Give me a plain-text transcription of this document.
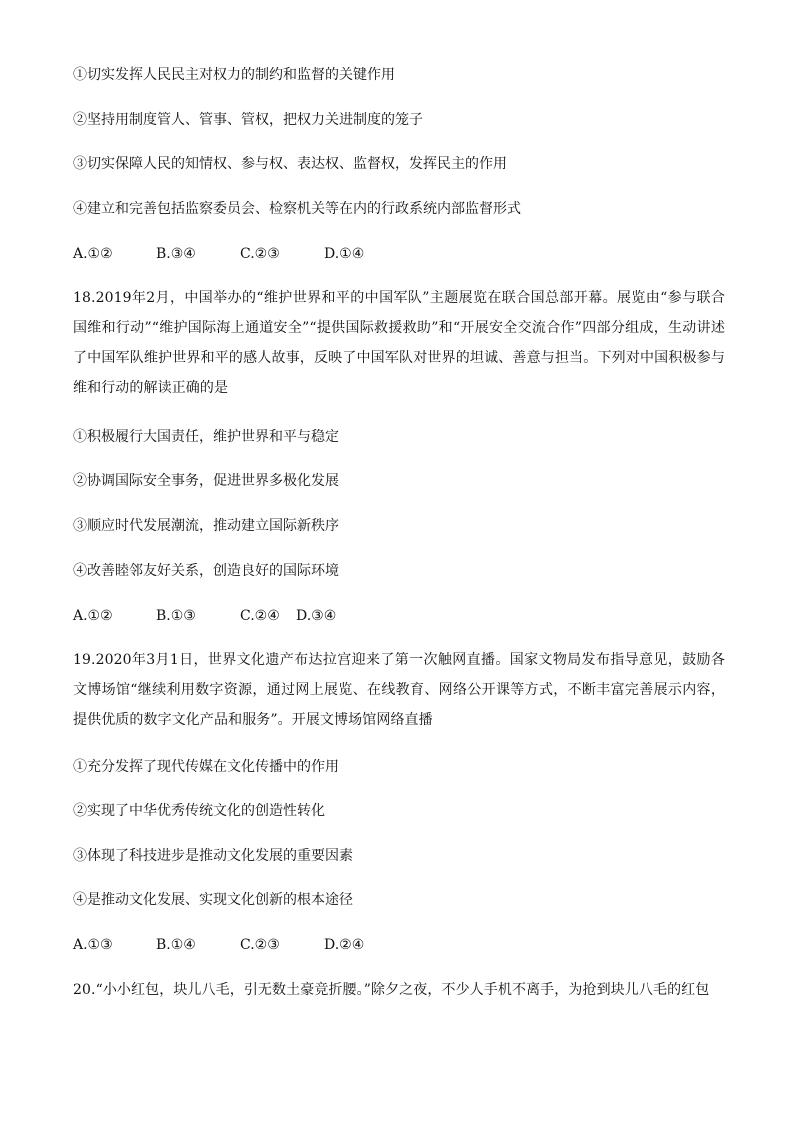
①切实发挥人民民主对权力的制约和监督的关键作用
②坚持用制度管人、管事、管权，把权力关进制度的笼子
③切实保障人民的知情权、参与权、表达权、监督权，发挥民主的作用
④建立和完善包括监察委员会、检察机关等在内的行政系统内部监督形式
A.①②	B.③④	C.②③	D.①④
18.2019年2月，中国举办的“维护世界和平的中国军队”主题展览在联合国总部开幕。展览由“参与联合国维和行动”“维护国际海上通道安全”“提供国际救援救助”和“开展安全交流合作”四部分组成，生动讲述了中国军队维护世界和平的感人故事，反映了中国军队对世界的坦诚、善意与担当。下列对中国积极参与维和行动的解读正确的是
①积极履行大国责任，维护世界和平与稳定
②协调国际安全事务，促进世界多极化发展
③顺应时代发展潮流，推动建立国际新秩序
④改善睦邻友好关系，创造良好的国际环境
A.①②	B.①③	C.②④ D.③④
19.2020年3月1日，世界文化遗产布达拉宫迎来了第一次触网直播。国家文物局发布指导意见，鼓励各文博场馆“继续利用数字资源，通过网上展览、在线教育、网络公开课等方式，不断丰富完善展示内容，提供优质的数字文化产品和服务”。开展文博场馆网络直播
①充分发挥了现代传媒在文化传播中的作用
②实现了中华优秀传统文化的创造性转化
③体现了科技进步是推动文化发展的重要因素
④是推动文化发展、实现文化创新的根本途径
A.①③	B.①④	C.②③	D.②④
20.“小小红包，块儿八毛，引无数土豪竞折腰。”除夕之夜，不少人手机不离手，为抢到块儿八毛的红包
